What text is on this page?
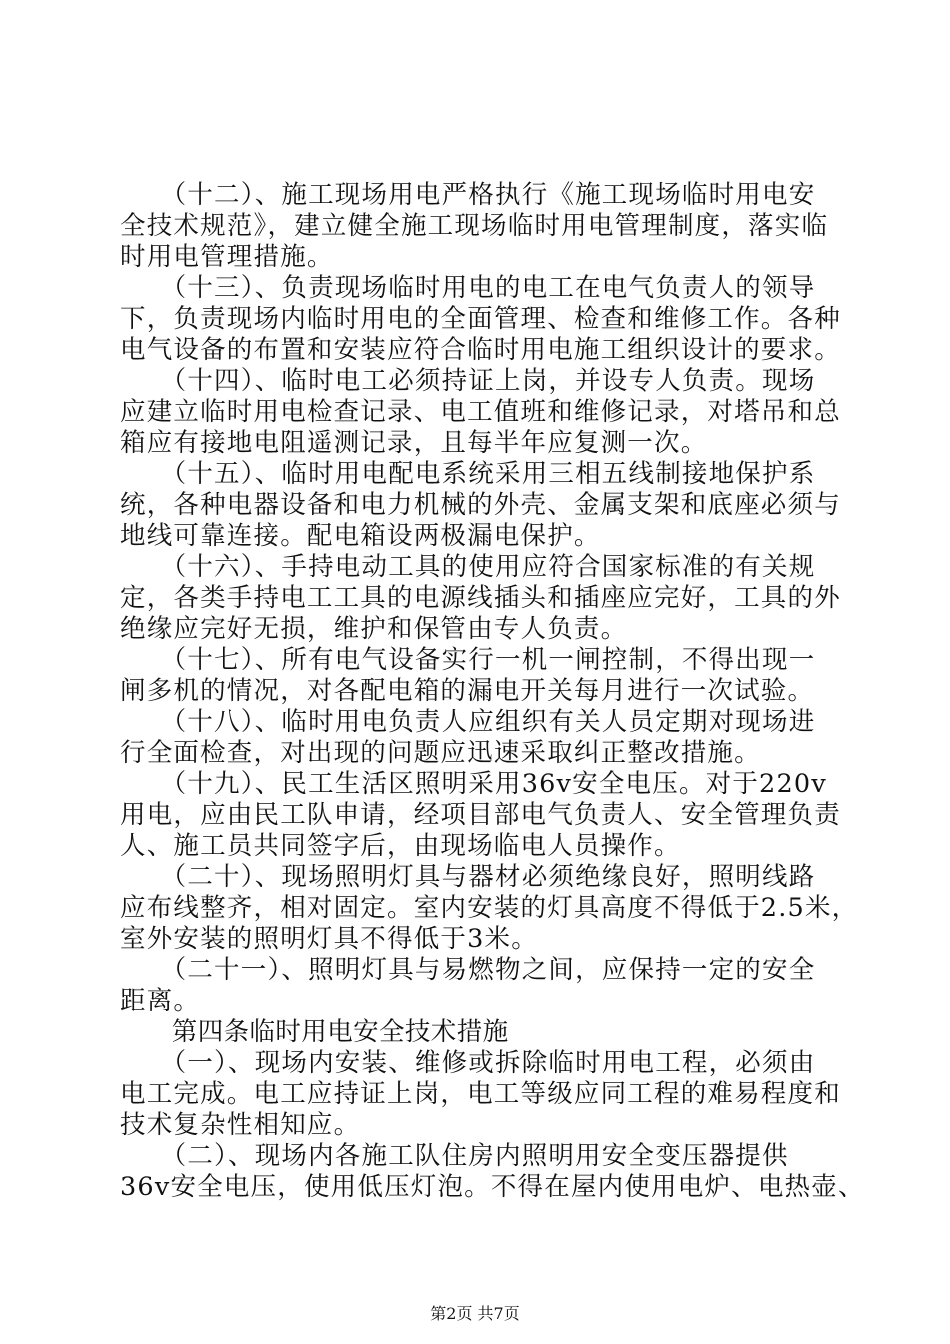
　　（十二）、施工现场用电严格执行《施工现场临时用电安
全技术规范》，建立健全施工现场临时用电管理制度，落实临
时用电管理措施。
　　（十三）、负责现场临时用电的电工在电气负责人的领导
下，负责现场内临时用电的全面管理、检查和维修工作。各种
电气设备的布置和安装应符合临时用电施工组织设计的要求。
　　（十四）、临时电工必须持证上岗，并设专人负责。现场
应建立临时用电检查记录、电工值班和维修记录，对塔吊和总
箱应有接地电阻遥测记录，且每半年应复测一次。
　　（十五）、临时用电配电系统采用三相五线制接地保护系
统，各种电器设备和电力机械的外壳、金属支架和底座必须与
地线可靠连接。配电箱设两极漏电保护。
　　（十六）、手持电动工具的使用应符合国家标准的有关规
定，各类手持电工工具的电源线插头和插座应完好，工具的外
绝缘应完好无损，维护和保管由专人负责。
　　（十七）、所有电气设备实行一机一闸控制，不得出现一
闸多机的情况，对各配电箱的漏电开关每月进行一次试验。
　　（十八）、临时用电负责人应组织有关人员定期对现场进
行全面检查，对出现的问题应迅速采取纠正整改措施。
　　（十九）、民工生活区照明采用36v安全电压。对于220v
用电，应由民工队申请，经项目部电气负责人、安全管理负责
人、施工员共同签字后，由现场临电人员操作。
　　（二十）、现场照明灯具与器材必须绝缘良好，照明线路
应布线整齐，相对固定。室内安装的灯具高度不得低于2.5米，
室外安装的照明灯具不得低于3米。
　　（二十一）、照明灯具与易燃物之间，应保持一定的安全
距离。
　　第四条临时用电安全技术措施
　　（一）、现场内安装、维修或拆除临时用电工程，必须由
电工完成。电工应持证上岗，电工等级应同工程的难易程度和
技术复杂性相知应。
　　（二）、现场内各施工队住房内照明用安全变压器提供
36v安全电压，使用低压灯泡。不得在屋内使用电炉、电热壶、
第2页 共7页
